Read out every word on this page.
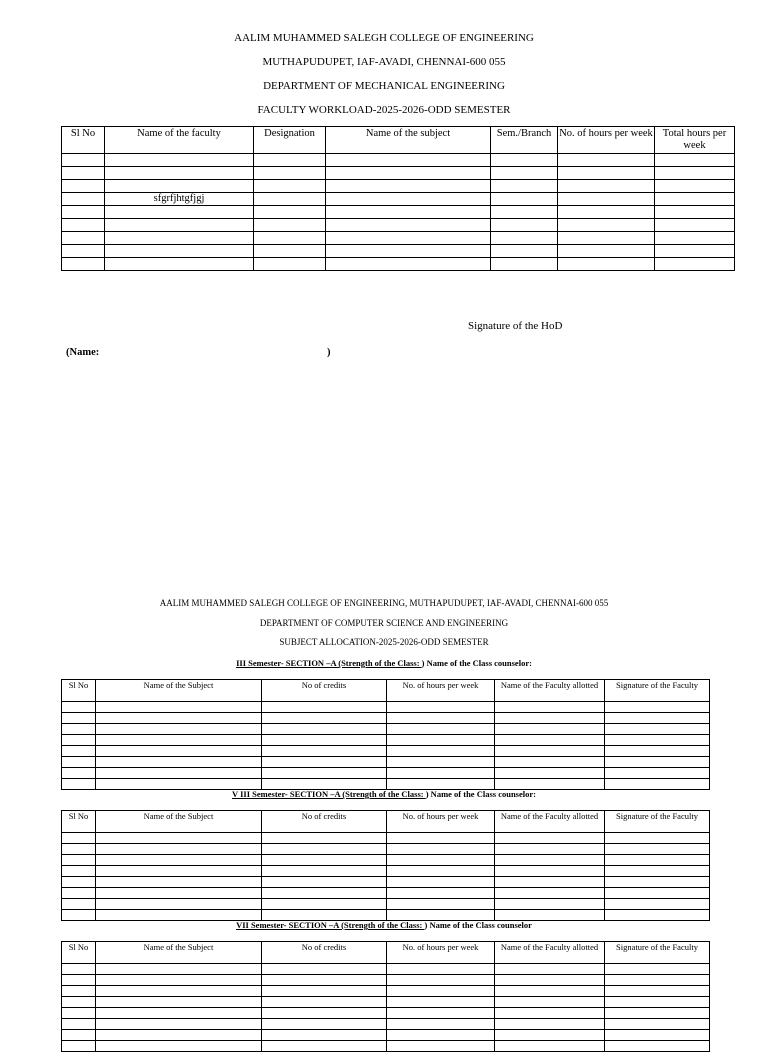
AALIM MUHAMMED SALEGH COLLEGE OF ENGINEERING
MUTHAPUDUPET, IAF-AVADI, CHENNAI-600 055
DEPARTMENT OF MECHANICAL ENGINEERING
FACULTY WORKLOAD-2025-2026-ODD SEMESTER
Sl No	Name of the faculty	Designation	Name of the subject	Sem./Branch	No. of hours per week	Total hours per week

	sfgrfjhtgfjgj					

Signature of the HoD
(Name:	)
AALIM MUHAMMED SALEGH COLLEGE OF ENGINEERING, MUTHAPUDUPET, IAF-AVADI, CHENNAI-600 055
DEPARTMENT OF COMPUTER SCIENCE AND ENGINEERING
SUBJECT ALLOCATION-2025-2026-ODD SEMESTER
III Semester- SECTION –A (Strength of the Class: ) Name of the Class counselor:
Sl No	Name of the Subject	No of credits	No. of hours per week	Name of the Faculty allotted	Signature of the Faculty

V III Semester- SECTION –A (Strength of the Class: ) Name of the Class counselor:
Sl No	Name of the Subject	No of credits	No. of hours per week	Name of the Faculty allotted	Signature of the Faculty

VII Semester- SECTION –A (Strength of the Class: ) Name of the Class counselor
Sl No	Name of the Subject	No of credits	No. of hours per week	Name of the Faculty allotted	Signature of the Faculty
